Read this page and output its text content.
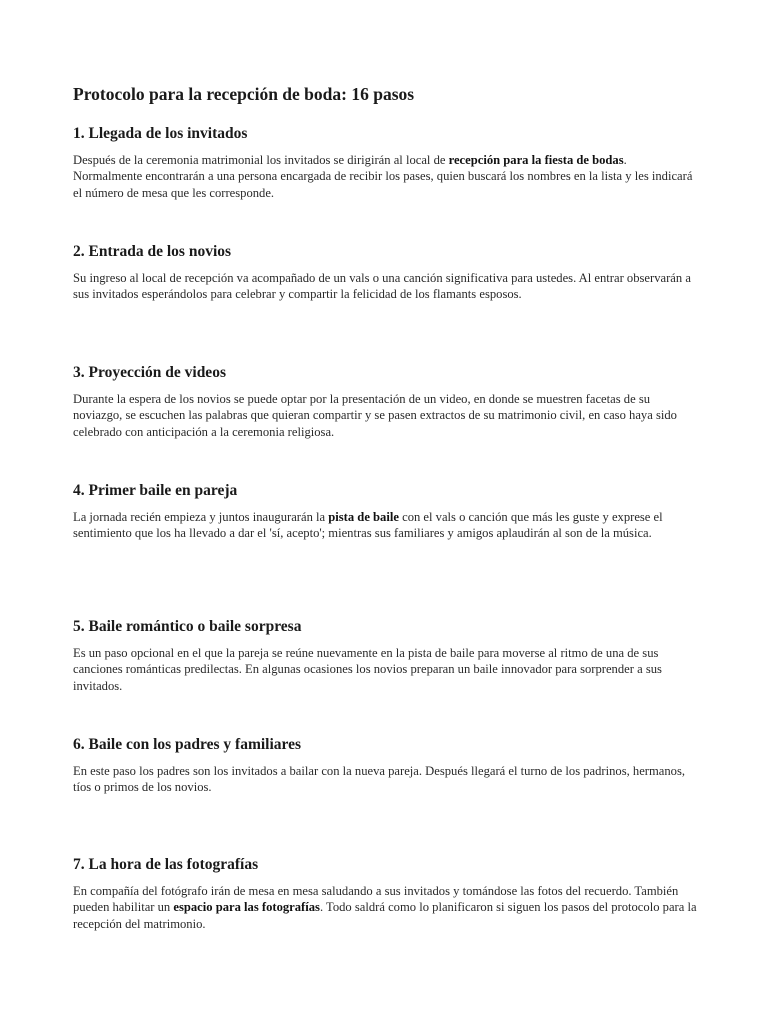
Protocolo para la recepción de boda: 16 pasos
1. Llegada de los invitados

Después de la ceremonia matrimonial los invitados se dirigirán al local de recepción para la fiesta de bodas. Normalmente encontrarán a una persona encargada de recibir los pases, quien buscará los nombres en la lista y les indicará el número de mesa que les corresponde.

2. Entrada de los novios

Su ingreso al local de recepción va acompañado de un vals o una canción significativa para ustedes. Al entrar observarán a sus invitados esperándolos para celebrar y compartir la felicidad de los flamants esposos.

3. Proyección de videos

Durante la espera de los novios se puede optar por la presentación de un video, en donde se muestren facetas de su noviazgo, se escuchen las palabras que quieran compartir y se pasen extractos de su matrimonio civil, en caso haya sido celebrado con anticipación a la ceremonia religiosa.

4. Primer baile en pareja

La jornada recién empieza y juntos inaugurarán la pista de baile con el vals o canción que más les guste y exprese el sentimiento que los ha llevado a dar el 'sí, acepto'; mientras sus familiares y amigos aplaudirán al son de la música.

5. Baile romántico o baile sorpresa

Es un paso opcional en el que la pareja se reúne nuevamente en la pista de baile para moverse al ritmo de una de sus canciones románticas predilectas. En algunas ocasiones los novios preparan un baile innovador para sorprender a sus invitados.

6. Baile con los padres y familiares

En este paso los padres son los invitados a bailar con la nueva pareja. Después llegará el turno de los padrinos, hermanos, tíos o primos de los novios.

7. La hora de las fotografías

En compañía del fotógrafo irán de mesa en mesa saludando a sus invitados y tomándose las fotos del recuerdo. También pueden habilitar un espacio para las fotografías. Todo saldrá como lo planificaron si siguen los pasos del protocolo para la recepción del matrimonio.
